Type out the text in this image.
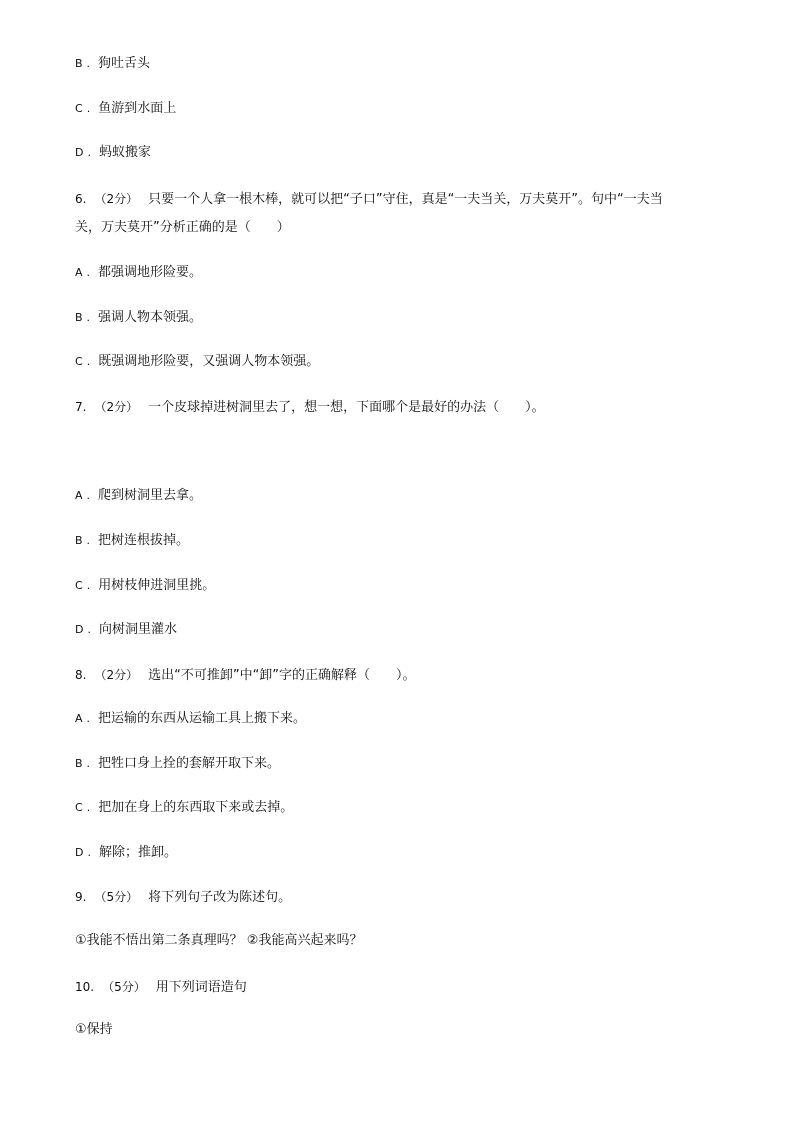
B . 狗吐舌头
C . 鱼游到水面上
D . 蚂蚁搬家
6. （2分） 只要一个人拿一根木棒，就可以把“子口”守住，真是“一夫当关，万夫莫开”。句中“一夫当
关，万夫莫开”分析正确的是（　　）
A . 都强调地形险要。
B . 强调人物本领强。
C . 既强调地形险要，又强调人物本领强。
7. （2分） 一个皮球掉进树洞里去了，想一想，下面哪个是最好的办法（　　）。
A . 爬到树洞里去拿。
B . 把树连根拔掉。
C . 用树枝伸进洞里挑。
D . 向树洞里灌水
8. （2分） 选出“不可推卸”中“卸”字的正确解释（　　）。
A . 把运输的东西从运输工具上搬下来。
B . 把牲口身上拴的套解开取下来。
C . 把加在身上的东西取下来或去掉。
D . 解除；推卸。
9. （5分） 将下列句子改为陈述句。
①我能不悟出第二条真理吗？ ②我能高兴起来吗？
10. （5分） 用下列词语造句
①保持
